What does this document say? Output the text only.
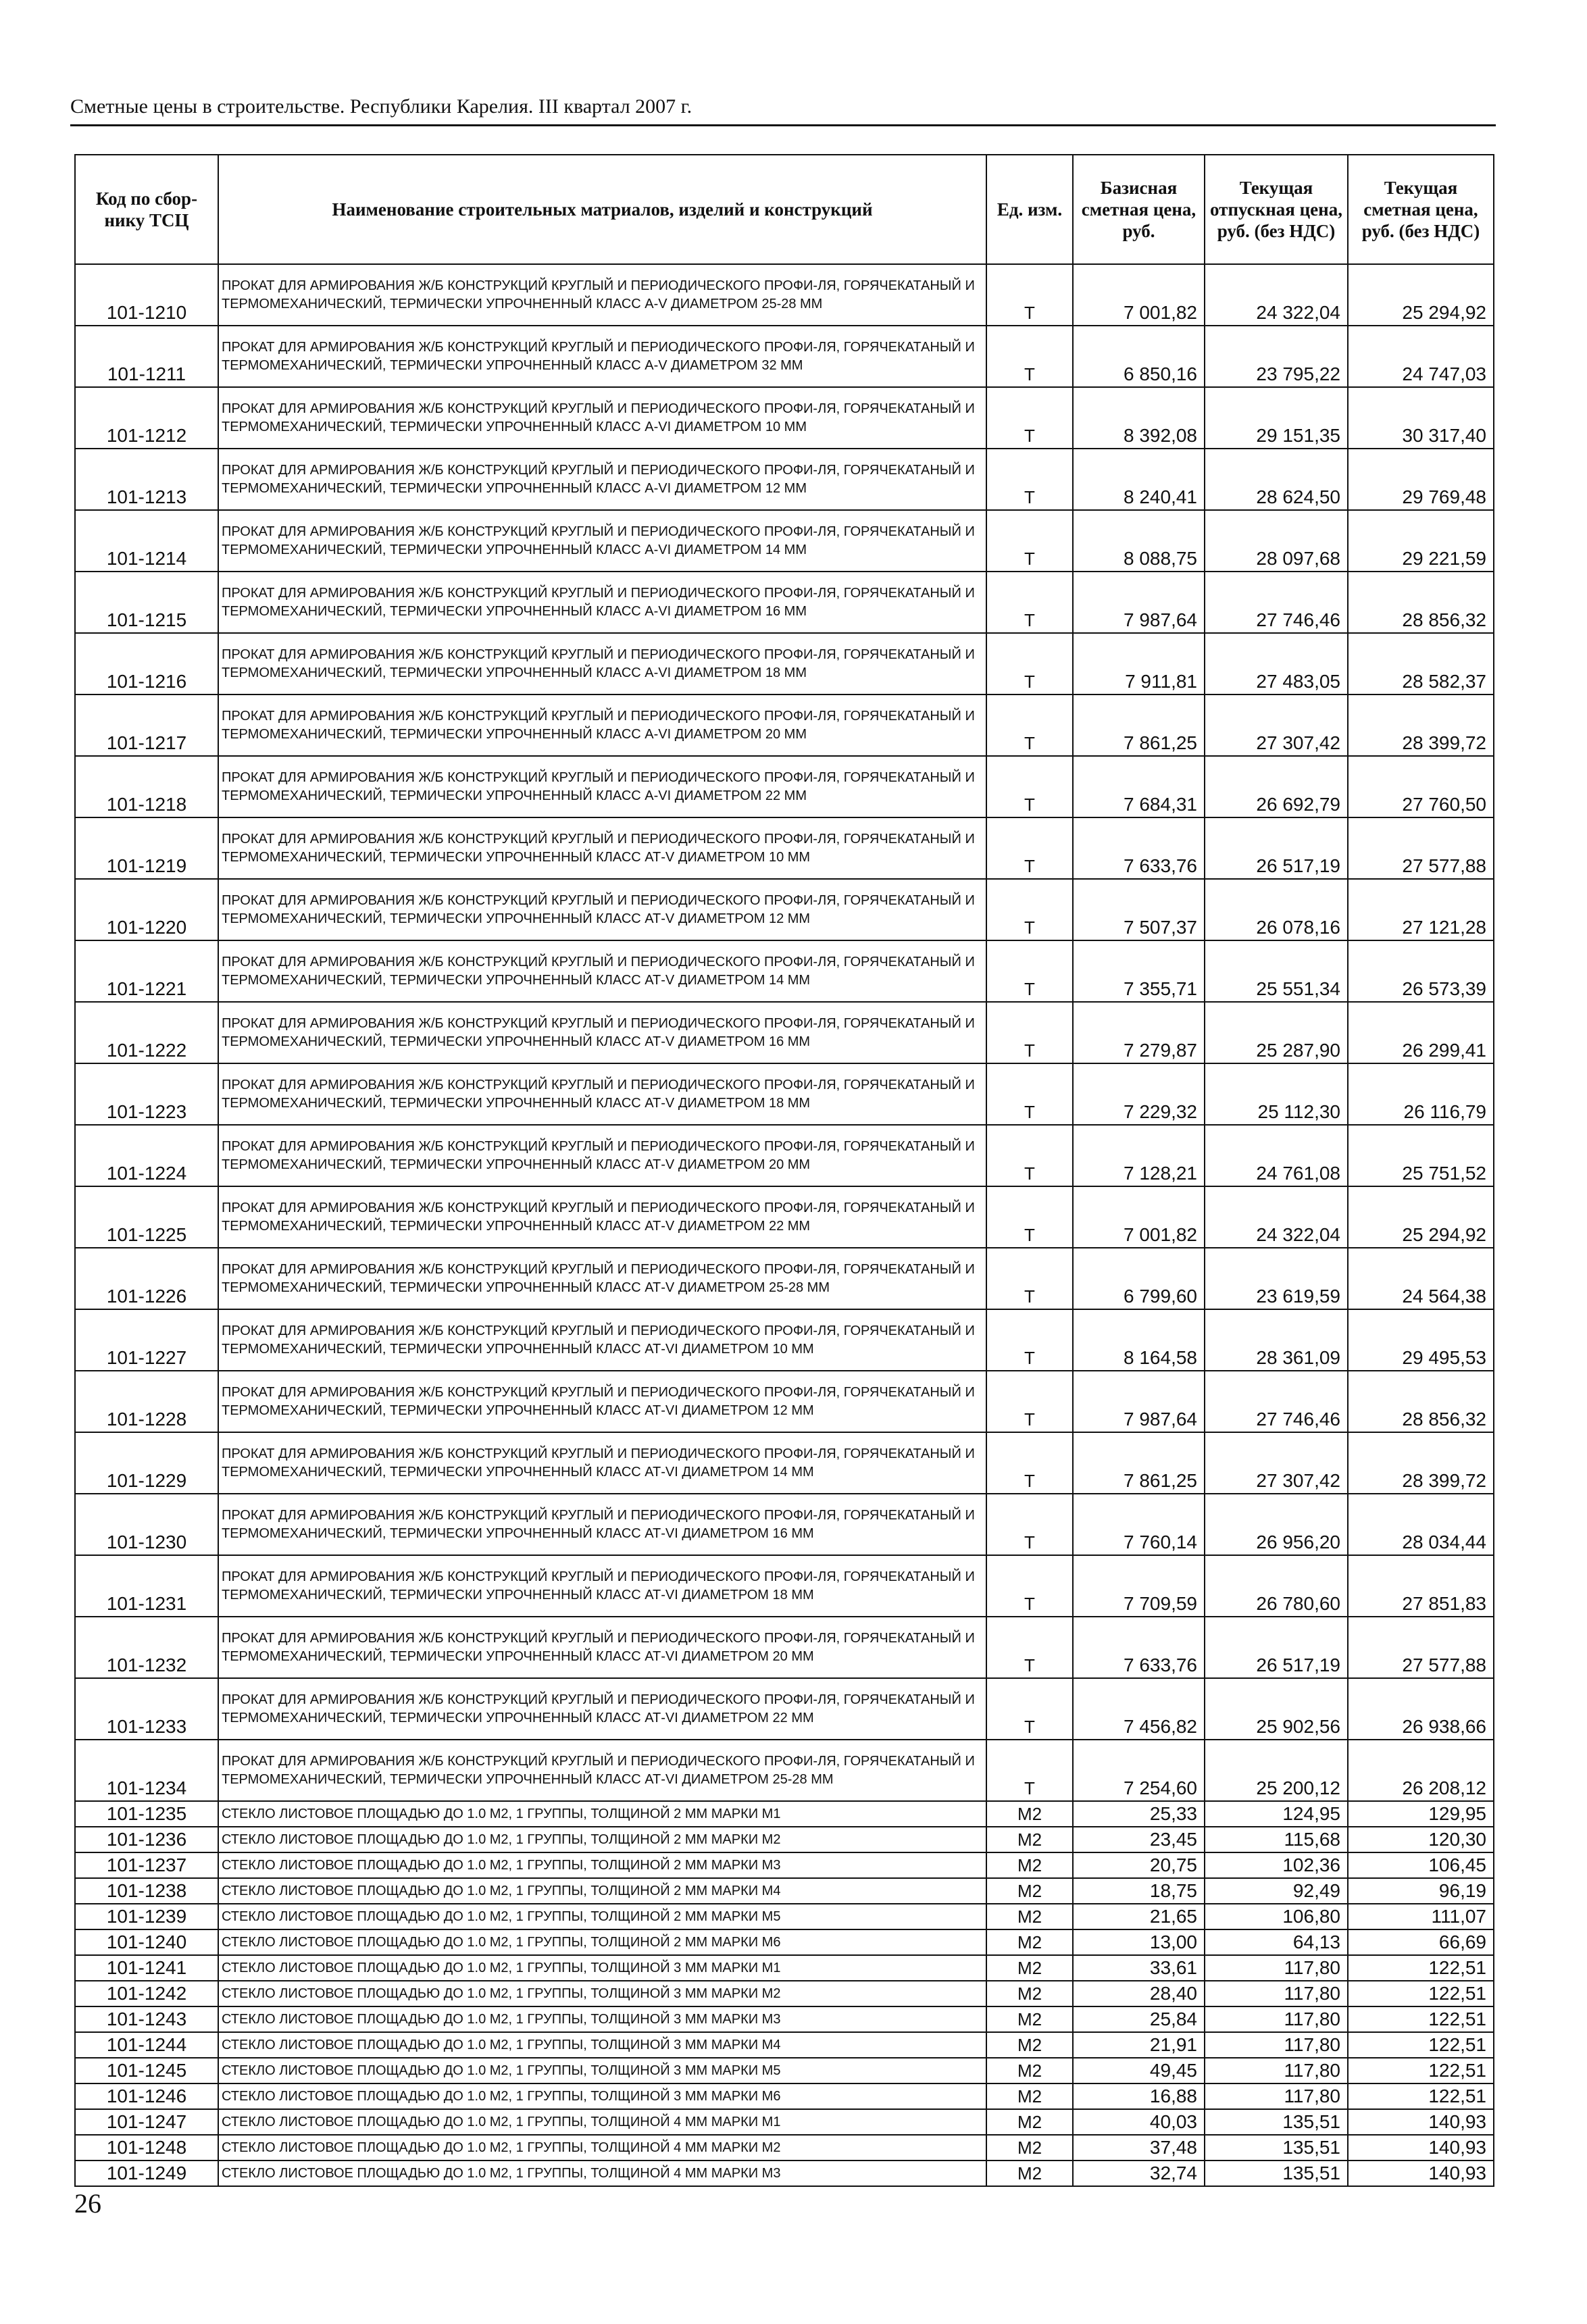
Сметные цены в строительстве. Республики Карелия. III квартал 2007 г.
Код по сбор-нику ТСЦ	Наименование строительных матриалов, изделий и конструкций	Ед. изм.	Базисная сметная цена, руб.	Текущая отпускная цена, руб. (без НДС)	Текущая сметная цена, руб. (без НДС)
101-1210	ПРОКАТ ДЛЯ АРМИРОВАНИЯ Ж/Б КОНСТРУКЦИЙ КРУГЛЫЙ И ПЕРИОДИЧЕСКОГО ПРОФИ-ЛЯ, ГОРЯЧЕКАТАНЫЙ И ТЕРМОМЕХАНИЧЕСКИЙ, ТЕРМИЧЕСКИ УПРОЧНЕННЫЙ КЛАСС А-V ДИАМЕТРОМ 25-28 ММ	Т	7 001,82	24 322,04	25 294,92
101-1211	ПРОКАТ ДЛЯ АРМИРОВАНИЯ Ж/Б КОНСТРУКЦИЙ КРУГЛЫЙ И ПЕРИОДИЧЕСКОГО ПРОФИ-ЛЯ, ГОРЯЧЕКАТАНЫЙ И ТЕРМОМЕХАНИЧЕСКИЙ, ТЕРМИЧЕСКИ УПРОЧНЕННЫЙ КЛАСС А-V ДИАМЕТРОМ 32 ММ	Т	6 850,16	23 795,22	24 747,03
101-1212	ПРОКАТ ДЛЯ АРМИРОВАНИЯ Ж/Б КОНСТРУКЦИЙ КРУГЛЫЙ И ПЕРИОДИЧЕСКОГО ПРОФИ-ЛЯ, ГОРЯЧЕКАТАНЫЙ И ТЕРМОМЕХАНИЧЕСКИЙ, ТЕРМИЧЕСКИ УПРОЧНЕННЫЙ КЛАСС А-VI ДИАМЕТРОМ 10 ММ	Т	8 392,08	29 151,35	30 317,40
101-1213	ПРОКАТ ДЛЯ АРМИРОВАНИЯ Ж/Б КОНСТРУКЦИЙ КРУГЛЫЙ И ПЕРИОДИЧЕСКОГО ПРОФИ-ЛЯ, ГОРЯЧЕКАТАНЫЙ И ТЕРМОМЕХАНИЧЕСКИЙ, ТЕРМИЧЕСКИ УПРОЧНЕННЫЙ КЛАСС А-VI ДИАМЕТРОМ 12 ММ	Т	8 240,41	28 624,50	29 769,48
101-1214	ПРОКАТ ДЛЯ АРМИРОВАНИЯ Ж/Б КОНСТРУКЦИЙ КРУГЛЫЙ И ПЕРИОДИЧЕСКОГО ПРОФИ-ЛЯ, ГОРЯЧЕКАТАНЫЙ И ТЕРМОМЕХАНИЧЕСКИЙ, ТЕРМИЧЕСКИ УПРОЧНЕННЫЙ КЛАСС А-VI ДИАМЕТРОМ 14 ММ	Т	8 088,75	28 097,68	29 221,59
101-1215	ПРОКАТ ДЛЯ АРМИРОВАНИЯ Ж/Б КОНСТРУКЦИЙ КРУГЛЫЙ И ПЕРИОДИЧЕСКОГО ПРОФИ-ЛЯ, ГОРЯЧЕКАТАНЫЙ И ТЕРМОМЕХАНИЧЕСКИЙ, ТЕРМИЧЕСКИ УПРОЧНЕННЫЙ КЛАСС А-VI ДИАМЕТРОМ 16 ММ	Т	7 987,64	27 746,46	28 856,32
101-1216	ПРОКАТ ДЛЯ АРМИРОВАНИЯ Ж/Б КОНСТРУКЦИЙ КРУГЛЫЙ И ПЕРИОДИЧЕСКОГО ПРОФИ-ЛЯ, ГОРЯЧЕКАТАНЫЙ И ТЕРМОМЕХАНИЧЕСКИЙ, ТЕРМИЧЕСКИ УПРОЧНЕННЫЙ КЛАСС А-VI ДИАМЕТРОМ 18 ММ	Т	7 911,81	27 483,05	28 582,37
101-1217	ПРОКАТ ДЛЯ АРМИРОВАНИЯ Ж/Б КОНСТРУКЦИЙ КРУГЛЫЙ И ПЕРИОДИЧЕСКОГО ПРОФИ-ЛЯ, ГОРЯЧЕКАТАНЫЙ И ТЕРМОМЕХАНИЧЕСКИЙ, ТЕРМИЧЕСКИ УПРОЧНЕННЫЙ КЛАСС А-VI ДИАМЕТРОМ 20 ММ	Т	7 861,25	27 307,42	28 399,72
101-1218	ПРОКАТ ДЛЯ АРМИРОВАНИЯ Ж/Б КОНСТРУКЦИЙ КРУГЛЫЙ И ПЕРИОДИЧЕСКОГО ПРОФИ-ЛЯ, ГОРЯЧЕКАТАНЫЙ И ТЕРМОМЕХАНИЧЕСКИЙ, ТЕРМИЧЕСКИ УПРОЧНЕННЫЙ КЛАСС А-VI ДИАМЕТРОМ 22 ММ	Т	7 684,31	26 692,79	27 760,50
101-1219	ПРОКАТ ДЛЯ АРМИРОВАНИЯ Ж/Б КОНСТРУКЦИЙ КРУГЛЫЙ И ПЕРИОДИЧЕСКОГО ПРОФИ-ЛЯ, ГОРЯЧЕКАТАНЫЙ И ТЕРМОМЕХАНИЧЕСКИЙ, ТЕРМИЧЕСКИ УПРОЧНЕННЫЙ КЛАСС АТ-V ДИАМЕТРОМ 10 ММ	Т	7 633,76	26 517,19	27 577,88
101-1220	ПРОКАТ ДЛЯ АРМИРОВАНИЯ Ж/Б КОНСТРУКЦИЙ КРУГЛЫЙ И ПЕРИОДИЧЕСКОГО ПРОФИ-ЛЯ, ГОРЯЧЕКАТАНЫЙ И ТЕРМОМЕХАНИЧЕСКИЙ, ТЕРМИЧЕСКИ УПРОЧНЕННЫЙ КЛАСС АТ-V ДИАМЕТРОМ 12 ММ	Т	7 507,37	26 078,16	27 121,28
101-1221	ПРОКАТ ДЛЯ АРМИРОВАНИЯ Ж/Б КОНСТРУКЦИЙ КРУГЛЫЙ И ПЕРИОДИЧЕСКОГО ПРОФИ-ЛЯ, ГОРЯЧЕКАТАНЫЙ И ТЕРМОМЕХАНИЧЕСКИЙ, ТЕРМИЧЕСКИ УПРОЧНЕННЫЙ КЛАСС АТ-V ДИАМЕТРОМ 14 ММ	Т	7 355,71	25 551,34	26 573,39
101-1222	ПРОКАТ ДЛЯ АРМИРОВАНИЯ Ж/Б КОНСТРУКЦИЙ КРУГЛЫЙ И ПЕРИОДИЧЕСКОГО ПРОФИ-ЛЯ, ГОРЯЧЕКАТАНЫЙ И ТЕРМОМЕХАНИЧЕСКИЙ, ТЕРМИЧЕСКИ УПРОЧНЕННЫЙ КЛАСС АТ-V ДИАМЕТРОМ 16 ММ	Т	7 279,87	25 287,90	26 299,41
101-1223	ПРОКАТ ДЛЯ АРМИРОВАНИЯ Ж/Б КОНСТРУКЦИЙ КРУГЛЫЙ И ПЕРИОДИЧЕСКОГО ПРОФИ-ЛЯ, ГОРЯЧЕКАТАНЫЙ И ТЕРМОМЕХАНИЧЕСКИЙ, ТЕРМИЧЕСКИ УПРОЧНЕННЫЙ КЛАСС АТ-V ДИАМЕТРОМ 18 ММ	Т	7 229,32	25 112,30	26 116,79
101-1224	ПРОКАТ ДЛЯ АРМИРОВАНИЯ Ж/Б КОНСТРУКЦИЙ КРУГЛЫЙ И ПЕРИОДИЧЕСКОГО ПРОФИ-ЛЯ, ГОРЯЧЕКАТАНЫЙ И ТЕРМОМЕХАНИЧЕСКИЙ, ТЕРМИЧЕСКИ УПРОЧНЕННЫЙ КЛАСС АТ-V ДИАМЕТРОМ 20 ММ	Т	7 128,21	24 761,08	25 751,52
101-1225	ПРОКАТ ДЛЯ АРМИРОВАНИЯ Ж/Б КОНСТРУКЦИЙ КРУГЛЫЙ И ПЕРИОДИЧЕСКОГО ПРОФИ-ЛЯ, ГОРЯЧЕКАТАНЫЙ И ТЕРМОМЕХАНИЧЕСКИЙ, ТЕРМИЧЕСКИ УПРОЧНЕННЫЙ КЛАСС АТ-V ДИАМЕТРОМ 22 ММ	Т	7 001,82	24 322,04	25 294,92
101-1226	ПРОКАТ ДЛЯ АРМИРОВАНИЯ Ж/Б КОНСТРУКЦИЙ КРУГЛЫЙ И ПЕРИОДИЧЕСКОГО ПРОФИ-ЛЯ, ГОРЯЧЕКАТАНЫЙ И ТЕРМОМЕХАНИЧЕСКИЙ, ТЕРМИЧЕСКИ УПРОЧНЕННЫЙ КЛАСС АТ-V ДИАМЕТРОМ 25-28 ММ	Т	6 799,60	23 619,59	24 564,38
101-1227	ПРОКАТ ДЛЯ АРМИРОВАНИЯ Ж/Б КОНСТРУКЦИЙ КРУГЛЫЙ И ПЕРИОДИЧЕСКОГО ПРОФИ-ЛЯ, ГОРЯЧЕКАТАНЫЙ И ТЕРМОМЕХАНИЧЕСКИЙ, ТЕРМИЧЕСКИ УПРОЧНЕННЫЙ КЛАСС АТ-VI ДИАМЕТРОМ 10 ММ	Т	8 164,58	28 361,09	29 495,53
101-1228	ПРОКАТ ДЛЯ АРМИРОВАНИЯ Ж/Б КОНСТРУКЦИЙ КРУГЛЫЙ И ПЕРИОДИЧЕСКОГО ПРОФИ-ЛЯ, ГОРЯЧЕКАТАНЫЙ И ТЕРМОМЕХАНИЧЕСКИЙ, ТЕРМИЧЕСКИ УПРОЧНЕННЫЙ КЛАСС АТ-VI ДИАМЕТРОМ 12 ММ	Т	7 987,64	27 746,46	28 856,32
101-1229	ПРОКАТ ДЛЯ АРМИРОВАНИЯ Ж/Б КОНСТРУКЦИЙ КРУГЛЫЙ И ПЕРИОДИЧЕСКОГО ПРОФИ-ЛЯ, ГОРЯЧЕКАТАНЫЙ И ТЕРМОМЕХАНИЧЕСКИЙ, ТЕРМИЧЕСКИ УПРОЧНЕННЫЙ КЛАСС АТ-VI ДИАМЕТРОМ 14 ММ	Т	7 861,25	27 307,42	28 399,72
101-1230	ПРОКАТ ДЛЯ АРМИРОВАНИЯ Ж/Б КОНСТРУКЦИЙ КРУГЛЫЙ И ПЕРИОДИЧЕСКОГО ПРОФИ-ЛЯ, ГОРЯЧЕКАТАНЫЙ И ТЕРМОМЕХАНИЧЕСКИЙ, ТЕРМИЧЕСКИ УПРОЧНЕННЫЙ КЛАСС АТ-VI ДИАМЕТРОМ 16 ММ	Т	7 760,14	26 956,20	28 034,44
101-1231	ПРОКАТ ДЛЯ АРМИРОВАНИЯ Ж/Б КОНСТРУКЦИЙ КРУГЛЫЙ И ПЕРИОДИЧЕСКОГО ПРОФИ-ЛЯ, ГОРЯЧЕКАТАНЫЙ И ТЕРМОМЕХАНИЧЕСКИЙ, ТЕРМИЧЕСКИ УПРОЧНЕННЫЙ КЛАСС АТ-VI ДИАМЕТРОМ 18 ММ	Т	7 709,59	26 780,60	27 851,83
101-1232	ПРОКАТ ДЛЯ АРМИРОВАНИЯ Ж/Б КОНСТРУКЦИЙ КРУГЛЫЙ И ПЕРИОДИЧЕСКОГО ПРОФИ-ЛЯ, ГОРЯЧЕКАТАНЫЙ И ТЕРМОМЕХАНИЧЕСКИЙ, ТЕРМИЧЕСКИ УПРОЧНЕННЫЙ КЛАСС АТ-VI ДИАМЕТРОМ 20 ММ	Т	7 633,76	26 517,19	27 577,88
101-1233	ПРОКАТ ДЛЯ АРМИРОВАНИЯ Ж/Б КОНСТРУКЦИЙ КРУГЛЫЙ И ПЕРИОДИЧЕСКОГО ПРОФИ-ЛЯ, ГОРЯЧЕКАТАНЫЙ И ТЕРМОМЕХАНИЧЕСКИЙ, ТЕРМИЧЕСКИ УПРОЧНЕННЫЙ КЛАСС АТ-VI ДИАМЕТРОМ 22 ММ	Т	7 456,82	25 902,56	26 938,66
101-1234	ПРОКАТ ДЛЯ АРМИРОВАНИЯ Ж/Б КОНСТРУКЦИЙ КРУГЛЫЙ И ПЕРИОДИЧЕСКОГО ПРОФИ-ЛЯ, ГОРЯЧЕКАТАНЫЙ И ТЕРМОМЕХАНИЧЕСКИЙ, ТЕРМИЧЕСКИ УПРОЧНЕННЫЙ КЛАСС АТ-VI ДИАМЕТРОМ 25-28 ММ	Т	7 254,60	25 200,12	26 208,12
101-1235	СТЕКЛО ЛИСТОВОЕ ПЛОЩАДЬЮ ДО 1.0 М2, 1 ГРУППЫ, ТОЛЩИНОЙ 2 ММ МАРКИ М1	М2	25,33	124,95	129,95
101-1236	СТЕКЛО ЛИСТОВОЕ ПЛОЩАДЬЮ ДО 1.0 М2, 1 ГРУППЫ, ТОЛЩИНОЙ 2 ММ МАРКИ М2	М2	23,45	115,68	120,30
101-1237	СТЕКЛО ЛИСТОВОЕ ПЛОЩАДЬЮ ДО 1.0 М2, 1 ГРУППЫ, ТОЛЩИНОЙ 2 ММ МАРКИ М3	М2	20,75	102,36	106,45
101-1238	СТЕКЛО ЛИСТОВОЕ ПЛОЩАДЬЮ ДО 1.0 М2, 1 ГРУППЫ, ТОЛЩИНОЙ 2 ММ МАРКИ М4	М2	18,75	92,49	96,19
101-1239	СТЕКЛО ЛИСТОВОЕ ПЛОЩАДЬЮ ДО 1.0 М2, 1 ГРУППЫ, ТОЛЩИНОЙ 2 ММ МАРКИ М5	М2	21,65	106,80	111,07
101-1240	СТЕКЛО ЛИСТОВОЕ ПЛОЩАДЬЮ ДО 1.0 М2, 1 ГРУППЫ, ТОЛЩИНОЙ 2 ММ МАРКИ М6	М2	13,00	64,13	66,69
101-1241	СТЕКЛО ЛИСТОВОЕ ПЛОЩАДЬЮ ДО 1.0 М2, 1 ГРУППЫ, ТОЛЩИНОЙ 3 ММ МАРКИ М1	М2	33,61	117,80	122,51
101-1242	СТЕКЛО ЛИСТОВОЕ ПЛОЩАДЬЮ ДО 1.0 М2, 1 ГРУППЫ, ТОЛЩИНОЙ 3 ММ МАРКИ М2	М2	28,40	117,80	122,51
101-1243	СТЕКЛО ЛИСТОВОЕ ПЛОЩАДЬЮ ДО 1.0 М2, 1 ГРУППЫ, ТОЛЩИНОЙ 3 ММ МАРКИ М3	М2	25,84	117,80	122,51
101-1244	СТЕКЛО ЛИСТОВОЕ ПЛОЩАДЬЮ ДО 1.0 М2, 1 ГРУППЫ, ТОЛЩИНОЙ 3 ММ МАРКИ М4	М2	21,91	117,80	122,51
101-1245	СТЕКЛО ЛИСТОВОЕ ПЛОЩАДЬЮ ДО 1.0 М2, 1 ГРУППЫ, ТОЛЩИНОЙ 3 ММ МАРКИ М5	М2	49,45	117,80	122,51
101-1246	СТЕКЛО ЛИСТОВОЕ ПЛОЩАДЬЮ ДО 1.0 М2, 1 ГРУППЫ, ТОЛЩИНОЙ 3 ММ МАРКИ М6	М2	16,88	117,80	122,51
101-1247	СТЕКЛО ЛИСТОВОЕ ПЛОЩАДЬЮ ДО 1.0 М2, 1 ГРУППЫ, ТОЛЩИНОЙ 4 ММ МАРКИ М1	М2	40,03	135,51	140,93
101-1248	СТЕКЛО ЛИСТОВОЕ ПЛОЩАДЬЮ ДО 1.0 М2, 1 ГРУППЫ, ТОЛЩИНОЙ 4 ММ МАРКИ М2	М2	37,48	135,51	140,93
101-1249	СТЕКЛО ЛИСТОВОЕ ПЛОЩАДЬЮ ДО 1.0 М2, 1 ГРУППЫ, ТОЛЩИНОЙ 4 ММ МАРКИ М3	М2	32,74	135,51	140,93
26
